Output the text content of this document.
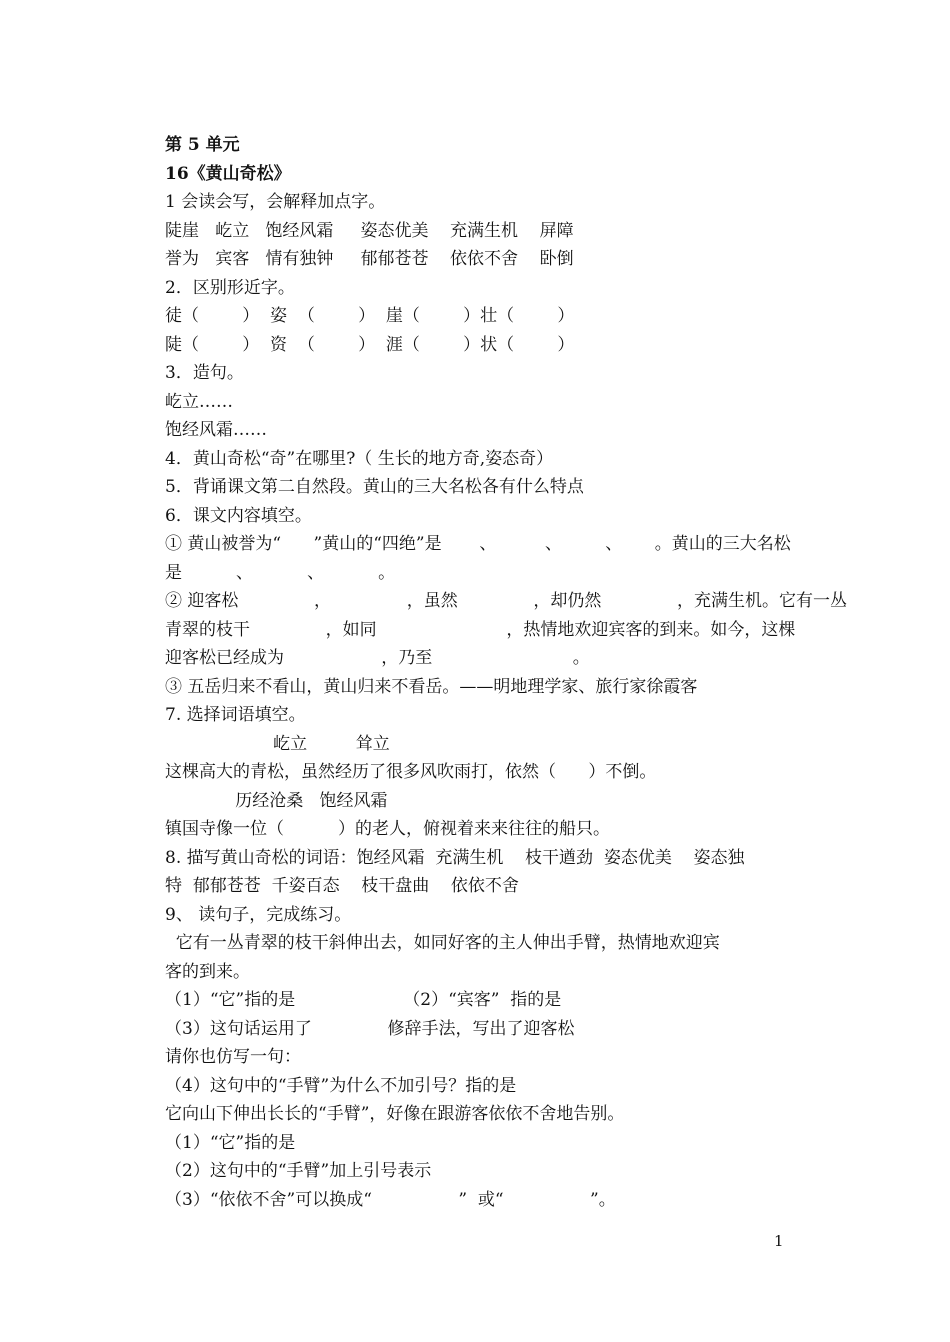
第 5 单元
16《黄山奇松》
1 会读会写，会解释加点字。
陡崖   屹立   饱经风霜     姿态优美    充满生机    屏障
誉为   宾客   情有独钟     郁郁苍苍    依依不舍    卧倒
2．区别形近字。
徒（        ）  姿  （        ）  崖（        ）壮（        ）
陡（        ）  资  （        ）  涯（        ）状（        ）
3．造句。
屹立……
饱经风霜……
4．黄山奇松“奇”在哪里?（ 生长的地方奇,姿态奇）
5．背诵课文第二自然段。黄山的三大名松各有什么特点
6．课文内容填空。
① 黄山被誉为“      ”黄山的“四绝”是       、         、        、      。黄山的三大名松
是          、          、          。
② 迎客松              ，              ，虽然              ，却仍然              ，充满生机。它有一丛
青翠的枝干              ，如同                        ，热情地欢迎宾客的到来。如今，这棵
迎客松已经成为                  ，乃至                          。
③ 五岳归来不看山，黄山归来不看岳。——明地理学家、旅行家徐霞客
7. 选择词语填空。
屹立         耸立
这棵高大的青松，虽然经历了很多风吹雨打，依然（      ）不倒。
历经沧桑   饱经风霜
镇国寺像一位（          ）的老人，俯视着来来往往的船只。
8. 描写黄山奇松的词语：饱经风霜  充满生机    枝干遒劲  姿态优美    姿态独
特  郁郁苍苍  千姿百态    枝干盘曲    依依不舍
9、 读句子，完成练习。
它有一丛青翠的枝干斜伸出去，如同好客的主人伸出手臂，热情地欢迎宾
客的到来。
（1）“它”指的是                    （2）“宾客”  指的是
（3）这句话运用了              修辞手法，写出了迎客松
请你也仿写一句：
（4）这句中的“手臂”为什么不加引号？指的是
它向山下伸出长长的“手臂”，好像在跟游客依依不舍地告别。
（1）“它”指的是
（2）这句中的“手臂”加上引号表示
（3）“依依不舍”可以换成“                ”  或“                ”。
1
